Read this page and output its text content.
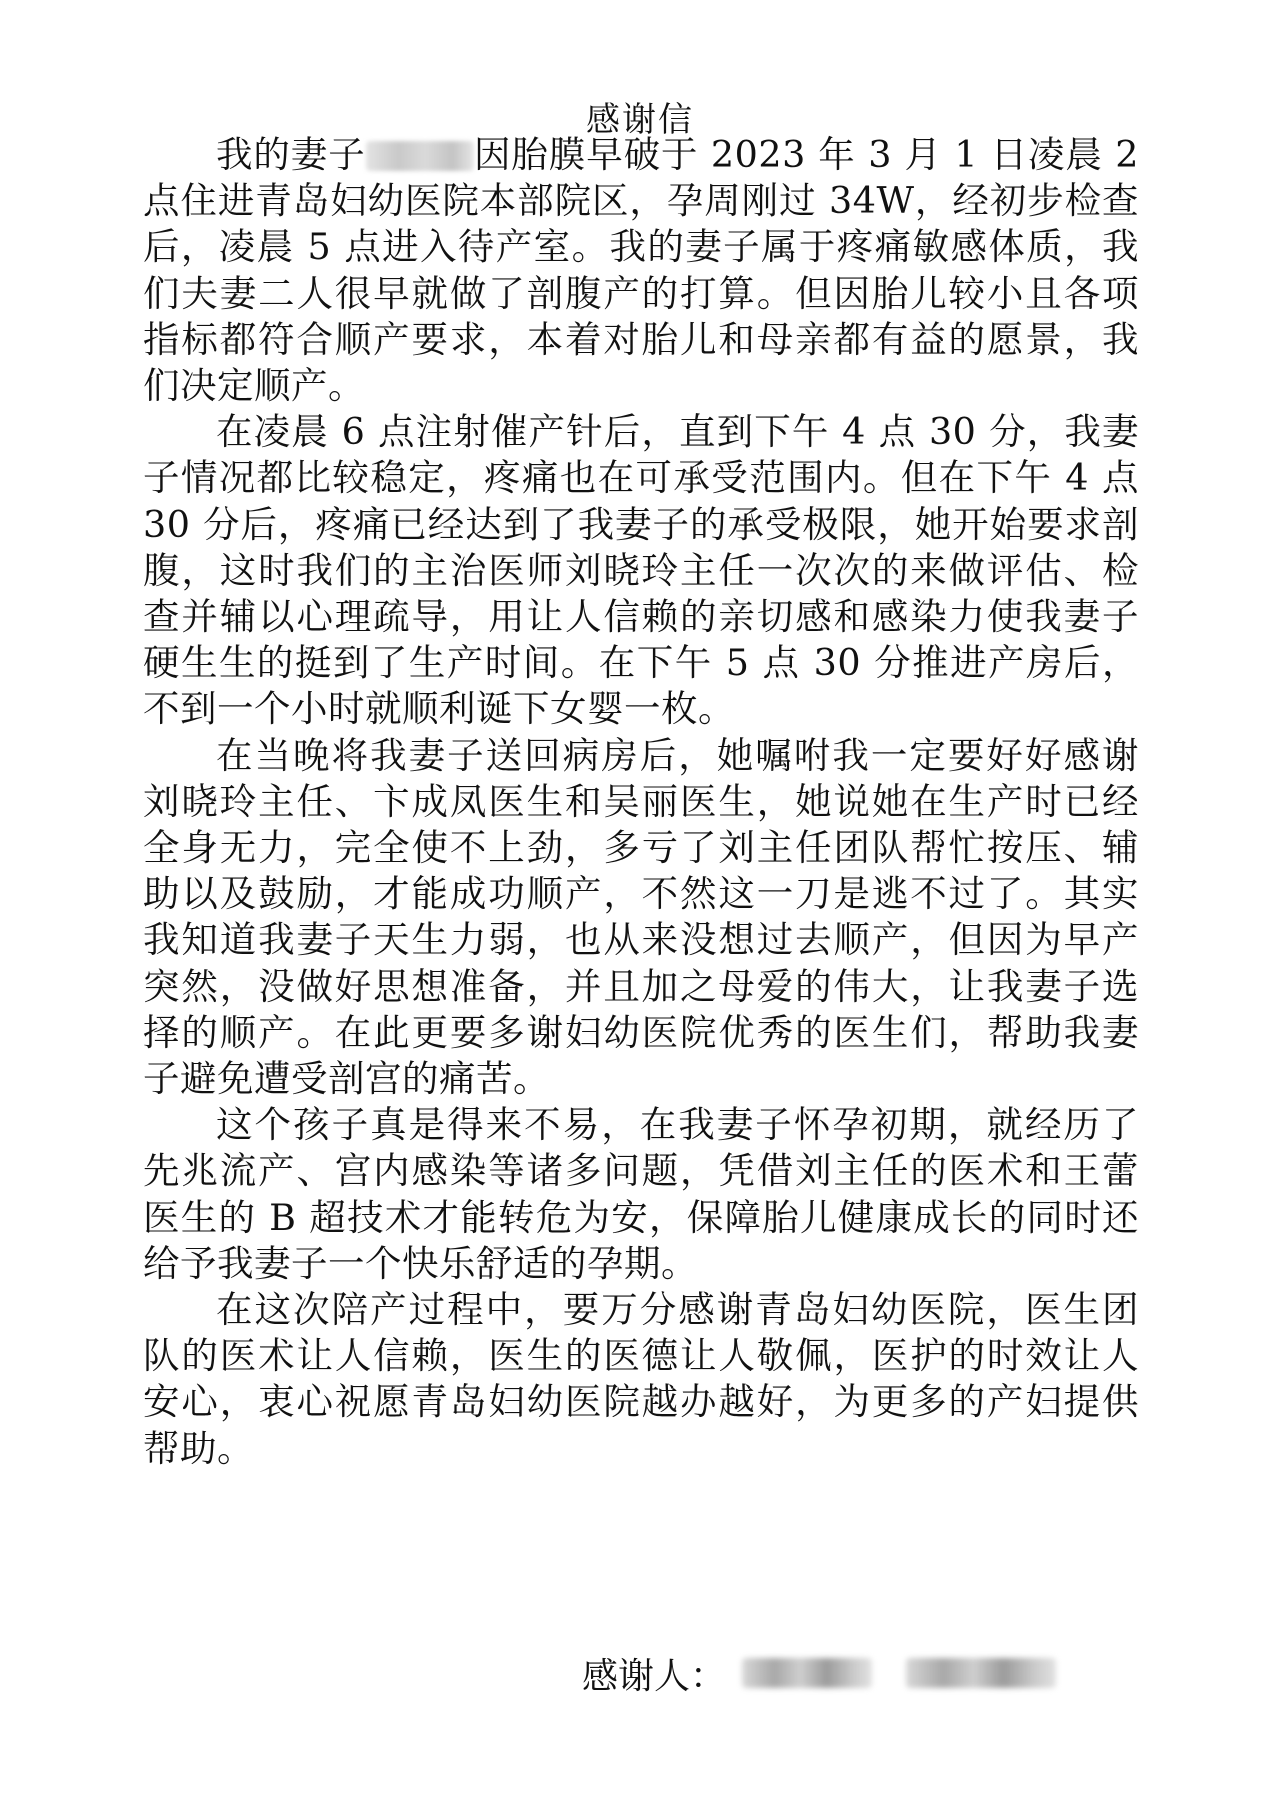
感谢信

我的妻子	因胎膜早破于 2023 年 3 月 1 日凌晨 2 点住进青岛妇幼医院本部院区，孕周刚过 34W，经初步检查后，凌晨 5 点进入待产室。我的妻子属于疼痛敏感体质，我们夫妻二人很早就做了剖腹产的打算。但因胎儿较小且各项指标都符合顺产要求，本着对胎儿和母亲都有益的愿景，我们决定顺产。

在凌晨 6 点注射催产针后，直到下午 4 点 30 分，我妻子情况都比较稳定，疼痛也在可承受范围内。但在下午 4 点 30 分后，疼痛已经达到了我妻子的承受极限，她开始要求剖腹，这时我们的主治医师刘晓玲主任一次次的来做评估、检查并辅以心理疏导，用让人信赖的亲切感和感染力使我妻子硬生生的挺到了生产时间。在下午 5 点 30 分推进产房后，不到一个小时就顺利诞下女婴一枚。

在当晚将我妻子送回病房后，她嘱咐我一定要好好感谢刘晓玲主任、卞成凤医生和吴丽医生，她说她在生产时已经全身无力，完全使不上劲，多亏了刘主任团队帮忙按压、辅助以及鼓励，才能成功顺产，不然这一刀是逃不过了。其实我知道我妻子天生力弱，也从来没想过去顺产，但因为早产突然，没做好思想准备，并且加之母爱的伟大，让我妻子选择的顺产。在此更要多谢妇幼医院优秀的医生们，帮助我妻子避免遭受剖宫的痛苦。

这个孩子真是得来不易，在我妻子怀孕初期，就经历了先兆流产、宫内感染等诸多问题，凭借刘主任的医术和王蕾医生的 B 超技术才能转危为安，保障胎儿健康成长的同时还给予我妻子一个快乐舒适的孕期。

在这次陪产过程中，要万分感谢青岛妇幼医院，医生团队的医术让人信赖，医生的医德让人敬佩，医护的时效让人安心，衷心祝愿青岛妇幼医院越办越好，为更多的产妇提供帮助。

感谢人：
